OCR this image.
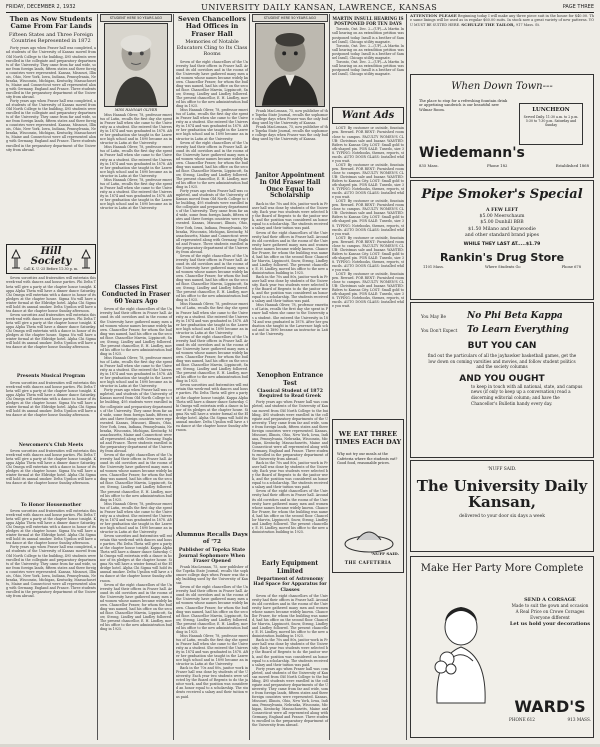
FRIDAY, DECEMBER 2, 1932	UNIVERSITY DAILY KANSAN, LAWRENCE, KANSAS	PAGE THREE
Then as Now Students Came From Far Lands
Fifteen States and Three Foreign Countries Represented in 1872

Forty years ago when Fraser hall was completed, and students of the University of Kansas moved from Old North College to the building, 495 students were enrolled in the collegiate and preparatory departments of the University. They came from far and wide, some from foreign lands, fifteen states and three foreign countries were represented. Kansas, Missouri, Illinois, Ohio, New York, Iowa, Indiana, Pennsylvania, Nebraska, Wisconsin, Michigan, Kentucky, Massachusetts, Maine and Connecticut were all represented along with Germany, England and France. Three students enrolled in the preparatory department of the University from abroad.

Forty years ago when Fraser hall was completed, and students of the University of Kansas moved from Old North College to the building, 495 students were enrolled in the collegiate and preparatory departments of the University. They came from far and wide, some from foreign lands, fifteen states and three foreign countries were represented. Kansas, Missouri, Illinois, Ohio, New York, Iowa, Indiana, Pennsylvania, Nebraska, Wisconsin, Michigan, Kentucky, Massachusetts, Maine and Connecticut were all represented along with Germany, England and France. Three students enrolled in the preparatory department of the University from abroad.

Hill Society
Call K. U.-25 Before 11:30 p. m.

Seven sororities and fraternities will entertain this week-end with dances and house parties. Phi Delta Theta will give a party at the chapter house tonight. Kappa Alpha Theta will have a dinner dance Saturday. Chi Omega will entertain with a dance in honor of its pledges at the chapter house. Sigma Nu will have a winter formal at the Eldridge hotel. Alpha Chi Sigma will hold its annual smoker. Delta Upsilon will have a tea dance at the chapter house Sunday afternoon.

Seven sororities and fraternities will entertain this week-end with dances and house parties. Phi Delta Theta will give a party at the chapter house tonight. Kappa Alpha Theta will have a dinner dance Saturday. Chi Omega will entertain with a dance in honor of its pledges at the chapter house. Sigma Nu will have a winter formal at the Eldridge hotel. Alpha Chi Sigma will hold its annual smoker. Delta Upsilon will have a tea dance at the chapter house Sunday afternoon.

Presents Musical Program

Seven sororities and fraternities will entertain this week-end with dances and house parties. Phi Delta Theta will give a party at the chapter house tonight. Kappa Alpha Theta will have a dinner dance Saturday. Chi Omega will entertain with a dance in honor of its pledges at the chapter house. Sigma Nu will have a winter formal at the Eldridge hotel. Alpha Chi Sigma will hold its annual smoker. Delta Upsilon will have a tea dance at the chapter house Sunday afternoon.

Newcomers's Club Meets

Seven sororities and fraternities will entertain this week-end with dances and house parties. Phi Delta Theta will give a party at the chapter house tonight. Kappa Alpha Theta will have a dinner dance Saturday. Chi Omega will entertain with a dance in honor of its pledges at the chapter house. Sigma Nu will have a winter formal at the Eldridge hotel. Alpha Chi Sigma will hold its annual smoker. Delta Upsilon will have a tea dance at the chapter house Sunday afternoon.

To Honor Housemother

Seven sororities and fraternities will entertain this week-end with dances and house parties. Phi Delta Theta will give a party at the chapter house tonight. Kappa Alpha Theta will have a dinner dance Saturday. Chi Omega will entertain with a dance in honor of its pledges at the chapter house. Sigma Nu will have a winter formal at the Eldridge hotel. Alpha Chi Sigma will hold its annual smoker. Delta Upsilon will have a tea dance at the chapter house Sunday afternoon.

Forty years ago when Fraser hall was completed, and students of the University of Kansas moved from Old North College to the building, 495 students were enrolled in the collegiate and preparatory departments of the University. They came from far and wide, some from foreign lands, fifteen states and three foreign countries were represented. Kansas, Missouri, Illinois, Ohio, New York, Iowa, Indiana, Pennsylvania, Nebraska, Wisconsin, Michigan, Kentucky, Massachusetts, Maine and Connecticut were all represented along with Germany, England and France. Three students enrolled in the preparatory department of the University from abroad.

STUDENT HERE 50 YEARS AGO
MISS HANNAH OLIVER

Miss Hannah Oliver, 78, professor emeritus of Latin, recalls the first day she spent in Fraser hall when she came to the University as a student. She entered the University in 1874 and was graduated in 1878. After her graduation she taught in the Lawrence high school and in 1890 became an instructor in Latin at the University.

Miss Hannah Oliver, 78, professor emeritus of Latin, recalls the first day she spent in Fraser hall when she came to the University as a student. She entered the University in 1874 and was graduated in 1878. After her graduation she taught in the Lawrence high school and in 1890 became an instructor in Latin at the University.

Miss Hannah Oliver, 78, professor emeritus of Latin, recalls the first day she spent in Fraser hall when she came to the University as a student. She entered the University in 1874 and was graduated in 1878. After her graduation she taught in the Lawrence high school and in 1890 became an instructor in Latin at the University.

Classes First Conducted in Fraser 60 Years Ago

Seven of the eight chancellors of the University had their offices in Fraser hall. Around its old corridors and in the rooms of the University have gathered many men and women whose names became widely known. Chancellor Fraser, for whom the building was named, had his office on the second floor. Chancellor Marvin, Lippincott, Snow, Strong, Lindley and Lindley followed. The present chancellor, E. H. Lindley, moved his office to the new administration building in 1925.

Miss Hannah Oliver, 78, professor emeritus of Latin, recalls the first day she spent in Fraser hall when she came to the University as a student. She entered the University in 1874 and was graduated in 1878. After her graduation she taught in the Lawrence high school and in 1890 became an instructor in Latin at the University.

Forty years ago when Fraser hall was completed, and students of the University of Kansas moved from Old North College to the building, 495 students were enrolled in the collegiate and preparatory departments of the University. They came from far and wide, some from foreign lands, fifteen states and three foreign countries were represented. Kansas, Missouri, Illinois, Ohio, New York, Iowa, Indiana, Pennsylvania, Nebraska, Wisconsin, Michigan, Kentucky, Massachusetts, Maine and Connecticut were all represented along with Germany, England and France. Three students enrolled in the preparatory department of the University from abroad.

Seven of the eight chancellors of the University had their offices in Fraser hall. Around its old corridors and in the rooms of the University have gathered many men and women whose names became widely known. Chancellor Fraser, for whom the building was named, had his office on the second floor. Chancellor Marvin, Lippincott, Snow, Strong, Lindley and Lindley followed. The present chancellor, E. H. Lindley, moved his office to the new administration building in 1925.

Miss Hannah Oliver, 78, professor emeritus of Latin, recalls the first day she spent in Fraser hall when she came to the University as a student. She entered the University in 1874 and was graduated in 1878. After her graduation she taught in the Lawrence high school and in 1890 became an instructor in Latin at the University.

Seven sororities and fraternities will entertain this week-end with dances and house parties. Phi Delta Theta will give a party at the chapter house tonight. Kappa Alpha Theta will have a dinner dance Saturday. Chi Omega will entertain with a dance in honor of its pledges at the chapter house. Sigma Nu will have a winter formal at the Eldridge hotel. Alpha Chi Sigma will hold its annual smoker. Delta Upsilon will have a tea dance at the chapter house Sunday afternoon.

Seven of the eight chancellors of the University had their offices in Fraser hall. Around its old corridors and in the rooms of the University have gathered many men and women whose names became widely known. Chancellor Fraser, for whom the building was named, had his office on the second floor. Chancellor Marvin, Lippincott, Snow, Strong, Lindley and Lindley followed. The present chancellor, E. H. Lindley, moved his office to the new administration building in 1925.

Seven Chancellors Had Offices in Fraser Hall
Memories of Notable Educators Cling to Its Class Rooms

Seven of the eight chancellors of the University had their offices in Fraser hall. Around its old corridors and in the rooms of the University have gathered many men and women whose names became widely known. Chancellor Fraser, for whom the building was named, had his office on the second floor. Chancellor Marvin, Lippincott, Snow, Strong, Lindley and Lindley followed. The present chancellor, E. H. Lindley, moved his office to the new administration building in 1925.

Miss Hannah Oliver, 78, professor emeritus of Latin, recalls the first day she spent in Fraser hall when she came to the University as a student. She entered the University in 1874 and was graduated in 1878. After her graduation she taught in the Lawrence high school and in 1890 became an instructor in Latin at the University.

Seven of the eight chancellors of the University had their offices in Fraser hall. Around its old corridors and in the rooms of the University have gathered many men and women whose names became widely known. Chancellor Fraser, for whom the building was named, had his office on the second floor. Chancellor Marvin, Lippincott, Snow, Strong, Lindley and Lindley followed. The present chancellor, E. H. Lindley, moved his office to the new administration building in 1925.

Forty years ago when Fraser hall was completed, and students of the University of Kansas moved from Old North College to the building, 495 students were enrolled in the collegiate and preparatory departments of the University. They came from far and wide, some from foreign lands, fifteen states and three foreign countries were represented. Kansas, Missouri, Illinois, Ohio, New York, Iowa, Indiana, Pennsylvania, Nebraska, Wisconsin, Michigan, Kentucky, Massachusetts, Maine and Connecticut were all represented along with Germany, England and France. Three students enrolled in the preparatory department of the University from abroad.

Seven of the eight chancellors of the University had their offices in Fraser hall. Around its old corridors and in the rooms of the University have gathered many men and women whose names became widely known. Chancellor Fraser, for whom the building was named, had his office on the second floor. Chancellor Marvin, Lippincott, Snow, Strong, Lindley and Lindley followed. The present chancellor, E. H. Lindley, moved his office to the new administration building in 1925.

Miss Hannah Oliver, 78, professor emeritus of Latin, recalls the first day she spent in Fraser hall when she came to the University as a student. She entered the University in 1874 and was graduated in 1878. After her graduation she taught in the Lawrence high school and in 1890 became an instructor in Latin at the University.

Seven of the eight chancellors of the University had their offices in Fraser hall. Around its old corridors and in the rooms of the University have gathered many men and women whose names became widely known. Chancellor Fraser, for whom the building was named, had his office on the second floor. Chancellor Marvin, Lippincott, Snow, Strong, Lindley and Lindley followed. The present chancellor, E. H. Lindley, moved his office to the new administration building in 1925.

Seven sororities and fraternities will entertain this week-end with dances and house parties. Phi Delta Theta will give a party at the chapter house tonight. Kappa Alpha Theta will have a dinner dance Saturday. Chi Omega will entertain with a dance in honor of its pledges at the chapter house. Sigma Nu will have a winter formal at the Eldridge hotel. Alpha Chi Sigma will hold its annual smoker. Delta Upsilon will have a tea dance at the chapter house Sunday afternoon.

Alumnus Recalls Days of '72
Publisher of Topeka State Journal Sophomore When Fraser Opened

Frank MacLennan, 75, now publisher of the Topeka State Journal, recalls the sophomore college days when Fraser was the only building used by the University of Kansas.

Seven of the eight chancellors of the University had their offices in Fraser hall. Around its old corridors and in the rooms of the University have gathered many men and women whose names became widely known. Chancellor Fraser, for whom the building was named, had his office on the second floor. Chancellor Marvin, Lippincott, Snow, Strong, Lindley and Lindley followed. The present chancellor, E. H. Lindley, moved his office to the new administration building in 1925.

Miss Hannah Oliver, 78, professor emeritus of Latin, recalls the first day she spent in Fraser hall when she came to the University as a student. She entered the University in 1874 and was graduated in 1878. After her graduation she taught in the Lawrence high school and in 1890 became an instructor in Latin at the University.

Back in the 70s and 80s, janitor work in Fraser hall was done by students of the University. Each year two students were selected by the Board of Regents to do the janitor work, and the position was considered an honor equal to a scholarship. The students received a salary and their tuition was paid.

STUDENT HERE 50 YEARS AGO

Frank MacLennan, 75, now publisher of the Topeka State Journal, recalls the sophomore college days when Fraser was the only building used by the University of Kansas.

Frank MacLennan, 75, now publisher of the Topeka State Journal, recalls the sophomore college days when Fraser was the only building used by the University of Kansas.

Janitor Appointment In Old Fraser Hall Once Equal to Scholarship

Back in the 70s and 80s, janitor work in Fraser hall was done by students of the University. Each year two students were selected by the Board of Regents to do the janitor work, and the position was considered an honor equal to a scholarship. The students received a salary and their tuition was paid.

Seven of the eight chancellors of the University had their offices in Fraser hall. Around its old corridors and in the rooms of the University have gathered many men and women whose names became widely known. Chancellor Fraser, for whom the building was named, had his office on the second floor. Chancellor Marvin, Lippincott, Snow, Strong, Lindley and Lindley followed. The present chancellor, E. H. Lindley, moved his office to the new administration building in 1925.

Back in the 70s and 80s, janitor work in Fraser hall was done by students of the University. Each year two students were selected by the Board of Regents to do the janitor work, and the position was considered an honor equal to a scholarship. The students received a salary and their tuition was paid.

Miss Hannah Oliver, 78, professor emeritus of Latin, recalls the first day she spent in Fraser hall when she came to the University as a student. She entered the University in 1874 and was graduated in 1878. After her graduation she taught in the Lawrence high school and in 1890 became an instructor in Latin at the University.

Xenophon Entrance Test
Classical Student of 1872 Required to Read Greek

Forty years ago when Fraser hall was completed, and students of the University of Kansas moved from Old North College to the building, 495 students were enrolled in the collegiate and preparatory departments of the University. They came from far and wide, some from foreign lands, fifteen states and three foreign countries were represented. Kansas, Missouri, Illinois, Ohio, New York, Iowa, Indiana, Pennsylvania, Nebraska, Wisconsin, Michigan, Kentucky, Massachusetts, Maine and Connecticut were all represented along with Germany, England and France. Three students enrolled in the preparatory department of the University from abroad.

Back in the 70s and 80s, janitor work in Fraser hall was done by students of the University. Each year two students were selected by the Board of Regents to do the janitor work, and the position was considered an honor equal to a scholarship. The students received a salary and their tuition was paid.

Seven of the eight chancellors of the University had their offices in Fraser hall. Around its old corridors and in the rooms of the University have gathered many men and women whose names became widely known. Chancellor Fraser, for whom the building was named, had his office on the second floor. Chancellor Marvin, Lippincott, Snow, Strong, Lindley and Lindley followed. The present chancellor, E. H. Lindley, moved his office to the new administration building in 1925.

Early Equipment Limited
Department of Astronomy Had Space for Apparatus for Classes

Seven of the eight chancellors of the University had their offices in Fraser hall. Around its old corridors and in the rooms of the University have gathered many men and women whose names became widely known. Chancellor Fraser, for whom the building was named, had his office on the second floor. Chancellor Marvin, Lippincott, Snow, Strong, Lindley and Lindley followed. The present chancellor, E. H. Lindley, moved his office to the new administration building in 1925.

Back in the 70s and 80s, janitor work in Fraser hall was done by students of the University. Each year two students were selected by the Board of Regents to do the janitor work, and the position was considered an honor equal to a scholarship. The students received a salary and their tuition was paid.

Forty years ago when Fraser hall was completed, and students of the University of Kansas moved from Old North College to the building, 495 students were enrolled in the collegiate and preparatory departments of the University. They came from far and wide, some from foreign lands, fifteen states and three foreign countries were represented. Kansas, Missouri, Illinois, Ohio, New York, Iowa, Indiana, Pennsylvania, Nebraska, Wisconsin, Michigan, Kentucky, Massachusetts, Maine and Connecticut were all represented along with Germany, England and France. Three students enrolled in the preparatory department of the University from abroad.

MARTIN INSULL HEARING IS POSTPONED FOR TEN DAYS

Toronto, Ont. Dec. 2—(UP)—A Martin Insull hearing on an extradition petition was postponed today. Insull is a brother of Samuel Insull, Chicago utility magnate.

Toronto, Ont. Dec. 2—(UP)—A Martin Insull hearing on an extradition petition was postponed today. Insull is a brother of Samuel Insull, Chicago utility magnate.

Toronto, Ont. Dec. 2—(UP)—A Martin Insull hearing on an extradition petition was postponed today. Insull is a brother of Samuel Insull, Chicago utility magnate.

Want Ads

LOST: By customer or outside, fountain pen. Reward. FOR RENT: Furnished room close to campus. FACULTY WOMEN'S CLUB: Christmas sale and bazaar. WANTED: Riders to Kansas City. LOST: Small gold tooth-shaped pin. FOR SALE: Tuxedo, size 38. TYPING: Notebooks, themes, reports, stencils. AUTO DOOR GLASS: Installed while you wait.

LOST: By customer or outside, fountain pen. Reward. FOR RENT: Furnished room close to campus. FACULTY WOMEN'S CLUB: Christmas sale and bazaar. WANTED: Riders to Kansas City. LOST: Small gold tooth-shaped pin. FOR SALE: Tuxedo, size 38. TYPING: Notebooks, themes, reports, stencils. AUTO DOOR GLASS: Installed while you wait.

LOST: By customer or outside, fountain pen. Reward. FOR RENT: Furnished room close to campus. FACULTY WOMEN'S CLUB: Christmas sale and bazaar. WANTED: Riders to Kansas City. LOST: Small gold tooth-shaped pin. FOR SALE: Tuxedo, size 38. TYPING: Notebooks, themes, reports, stencils. AUTO DOOR GLASS: Installed while you wait.

LOST: By customer or outside, fountain pen. Reward. FOR RENT: Furnished room close to campus. FACULTY WOMEN'S CLUB: Christmas sale and bazaar. WANTED: Riders to Kansas City. LOST: Small gold tooth-shaped pin. FOR SALE: Tuxedo, size 38. TYPING: Notebooks, themes, reports, stencils. AUTO DOOR GLASS: Installed while you wait.

LOST: By customer or outside, fountain pen. Reward. FOR RENT: Furnished room close to campus. FACULTY WOMEN'S CLUB: Christmas sale and bazaar. WANTED: Riders to Kansas City. LOST: Small gold tooth-shaped pin. FOR SALE: Tuxedo, size 38. TYPING: Notebooks, themes, reports, stencils. AUTO DOOR GLASS: Installed while you wait.

WE EAT THREE TIMES EACH DAY
Why not try our meals at the Cafeteria where the students eat? Good food, reasonable prices.
'NUFF SAID.
THE CAFETERIA
ATTENTION PLEASE Beginning today I will make any three piece suit in the house for $40.00. The same linings will be used as in regular $60.00 suits. In stock now a great variety of new patterns. YOU MUST BE SUITED HERE. SCHULZE THE TAILOR, 917 Mass. St.
When Down Town---
The place to stop for a refreshing fountain drink or appetizing sandwich is our beautiful new Wilmar Room.	LUNCHEON
Served Daily. 11:30 a.m. to 2 p.m. 5:30 to 7:30 p.m. Saturday and Sunday
Wiedemann's
835 Mass.	Phone 182	Established 1868
Pipe Smoker's Special
A FEW LEFT
$5.00 Meerschaum
$5.00 Dunhill BBB
$1.50 Milano and Kaywoodie
and other standard brand pipes
WHILE THEY LAST AT.....$1.79
Rankin's Drug Store
1101 Mass.	Where Students Go	Phone 678
You May Be	No Phi Beta Kappa
You Don't Expect	To Learn Everything
BUT YOU CAN
find out the particulars of all the jayhawker basketball games, get the low down on coming varsities and movies, and follow student politics and the society columns
AND YOU OUGHT
to keep in touch with all national, state, and campus news (if only to keep up a conversation) read a discerning editorial column; and have the Chancellor's Bulletin handy every day.
'NUFF SAID.
The University Daily Kansan,
delivered to your door six days a week
Make Her Party More Complete
SEND A CORSAGE
Made to suit the gown and occasion
A Real Price on Crowe Corsages
Everyone different
Let us hold your decorations
WARD'S
PHONE 612	913 MASS.
